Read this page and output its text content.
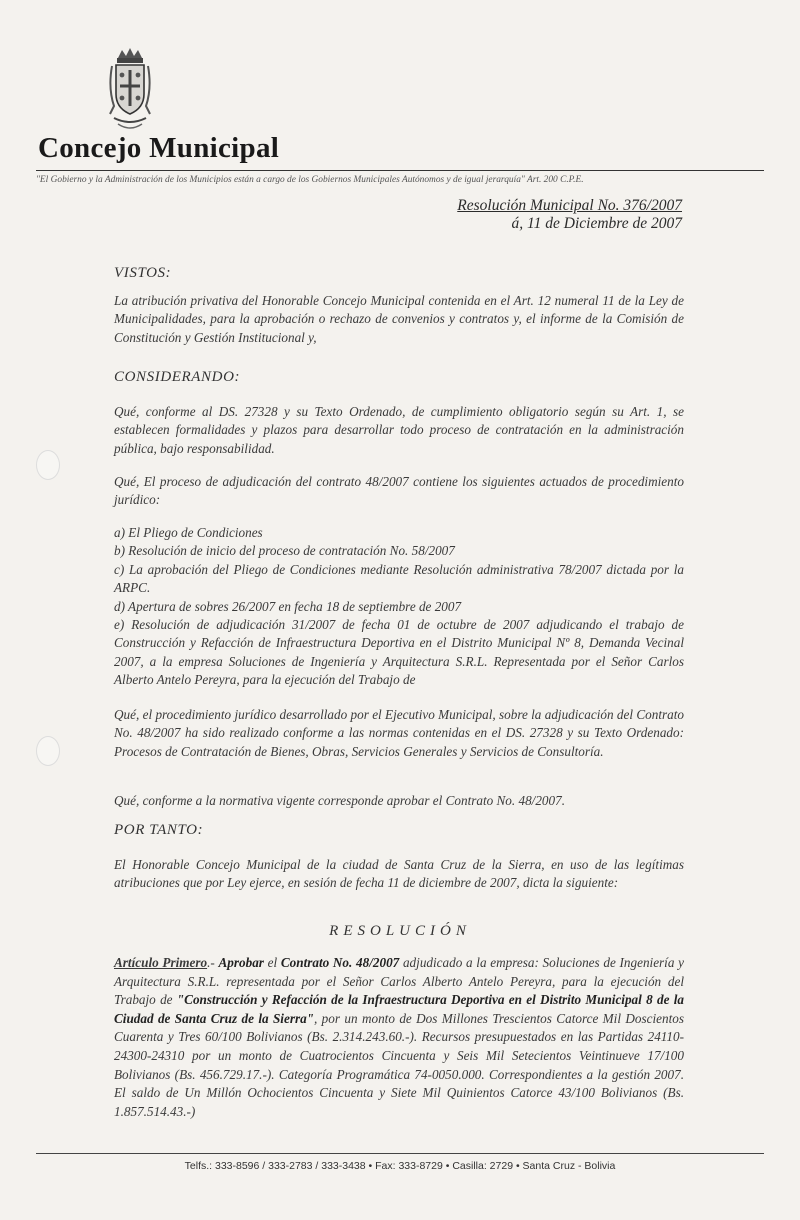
Concejo Municipal
"El Gobierno y la Administración de los Municipios están a cargo de los Gobiernos Municipales Autónomos y de igual jerarquía" Art. 200 C.P.E.
Resolución Municipal No. 376/2007
á, 11 de Diciembre de 2007
VISTOS:
La atribución privativa del Honorable Concejo Municipal contenida en el Art. 12 numeral 11 de la Ley de Municipalidades, para la aprobación o rechazo de convenios y contratos y, el informe de la Comisión de Constitución y Gestión Institucional y,
CONSIDERANDO:
Qué, conforme al DS. 27328 y su Texto Ordenado, de cumplimiento obligatorio según su Art. 1, se establecen formalidades y plazos para desarrollar todo proceso de contratación en la administración pública, bajo responsabilidad.
Qué, El proceso de adjudicación del contrato 48/2007 contiene los siguientes actuados de procedimiento jurídico:
a) El Pliego de Condiciones
b) Resolución de inicio del proceso de contratación No. 58/2007
c) La aprobación del Pliego de Condiciones mediante Resolución administrativa 78/2007 dictada por la ARPC.
d) Apertura de sobres 26/2007 en fecha 18 de septiembre de 2007
e) Resolución de adjudicación 31/2007 de fecha 01 de octubre de 2007 adjudicando el trabajo de Construcción y Refacción de Infraestructura Deportiva en el Distrito Municipal Nº 8, Demanda Vecinal 2007, a la empresa Soluciones de Ingeniería y Arquitectura S.R.L. Representada por el Señor Carlos Alberto Antelo Pereyra, para la ejecución del Trabajo de
Qué, el procedimiento jurídico desarrollado por el Ejecutivo Municipal, sobre la adjudicación del Contrato No. 48/2007 ha sido realizado conforme a las normas contenidas en el DS. 27328 y su Texto Ordenado: Procesos de Contratación de Bienes, Obras, Servicios Generales y Servicios de Consultoría.
Qué, conforme a la normativa vigente corresponde aprobar el Contrato No. 48/2007.
POR TANTO:
El Honorable Concejo Municipal de la ciudad de Santa Cruz de la Sierra, en uso de las legítimas atribuciones que por Ley ejerce, en sesión de fecha 11 de diciembre de 2007, dicta la siguiente:
RESOLUCIÓN
Artículo Primero.- Aprobar el Contrato No. 48/2007 adjudicado a la empresa: Soluciones de Ingeniería y Arquitectura S.R.L. representada por el Señor Carlos Alberto Antelo Pereyra, para la ejecución del Trabajo de "Construcción y Refacción de la Infraestructura Deportiva en el Distrito Municipal 8 de la Ciudad de Santa Cruz de la Sierra", por un monto de Dos Millones Trescientos Catorce Mil Doscientos Cuarenta y Tres 60/100 Bolivianos (Bs. 2.314.243.60.-). Recursos presupuestados en las Partidas 24110-24300-24310 por un monto de Cuatrocientos Cincuenta y Seis Mil Setecientos Veintinueve 17/100 Bolivianos (Bs. 456.729.17.-). Categoría Programática 74-0050.000. Correspondientes a la gestión 2007. El saldo de Un Millón Ochocientos Cincuenta y Siete Mil Quinientos Catorce 43/100 Bolivianos (Bs. 1.857.514.43.-)
Telfs.: 333-8596 / 333-2783 / 333-3438 • Fax: 333-8729 • Casilla: 2729 • Santa Cruz - Bolivia
